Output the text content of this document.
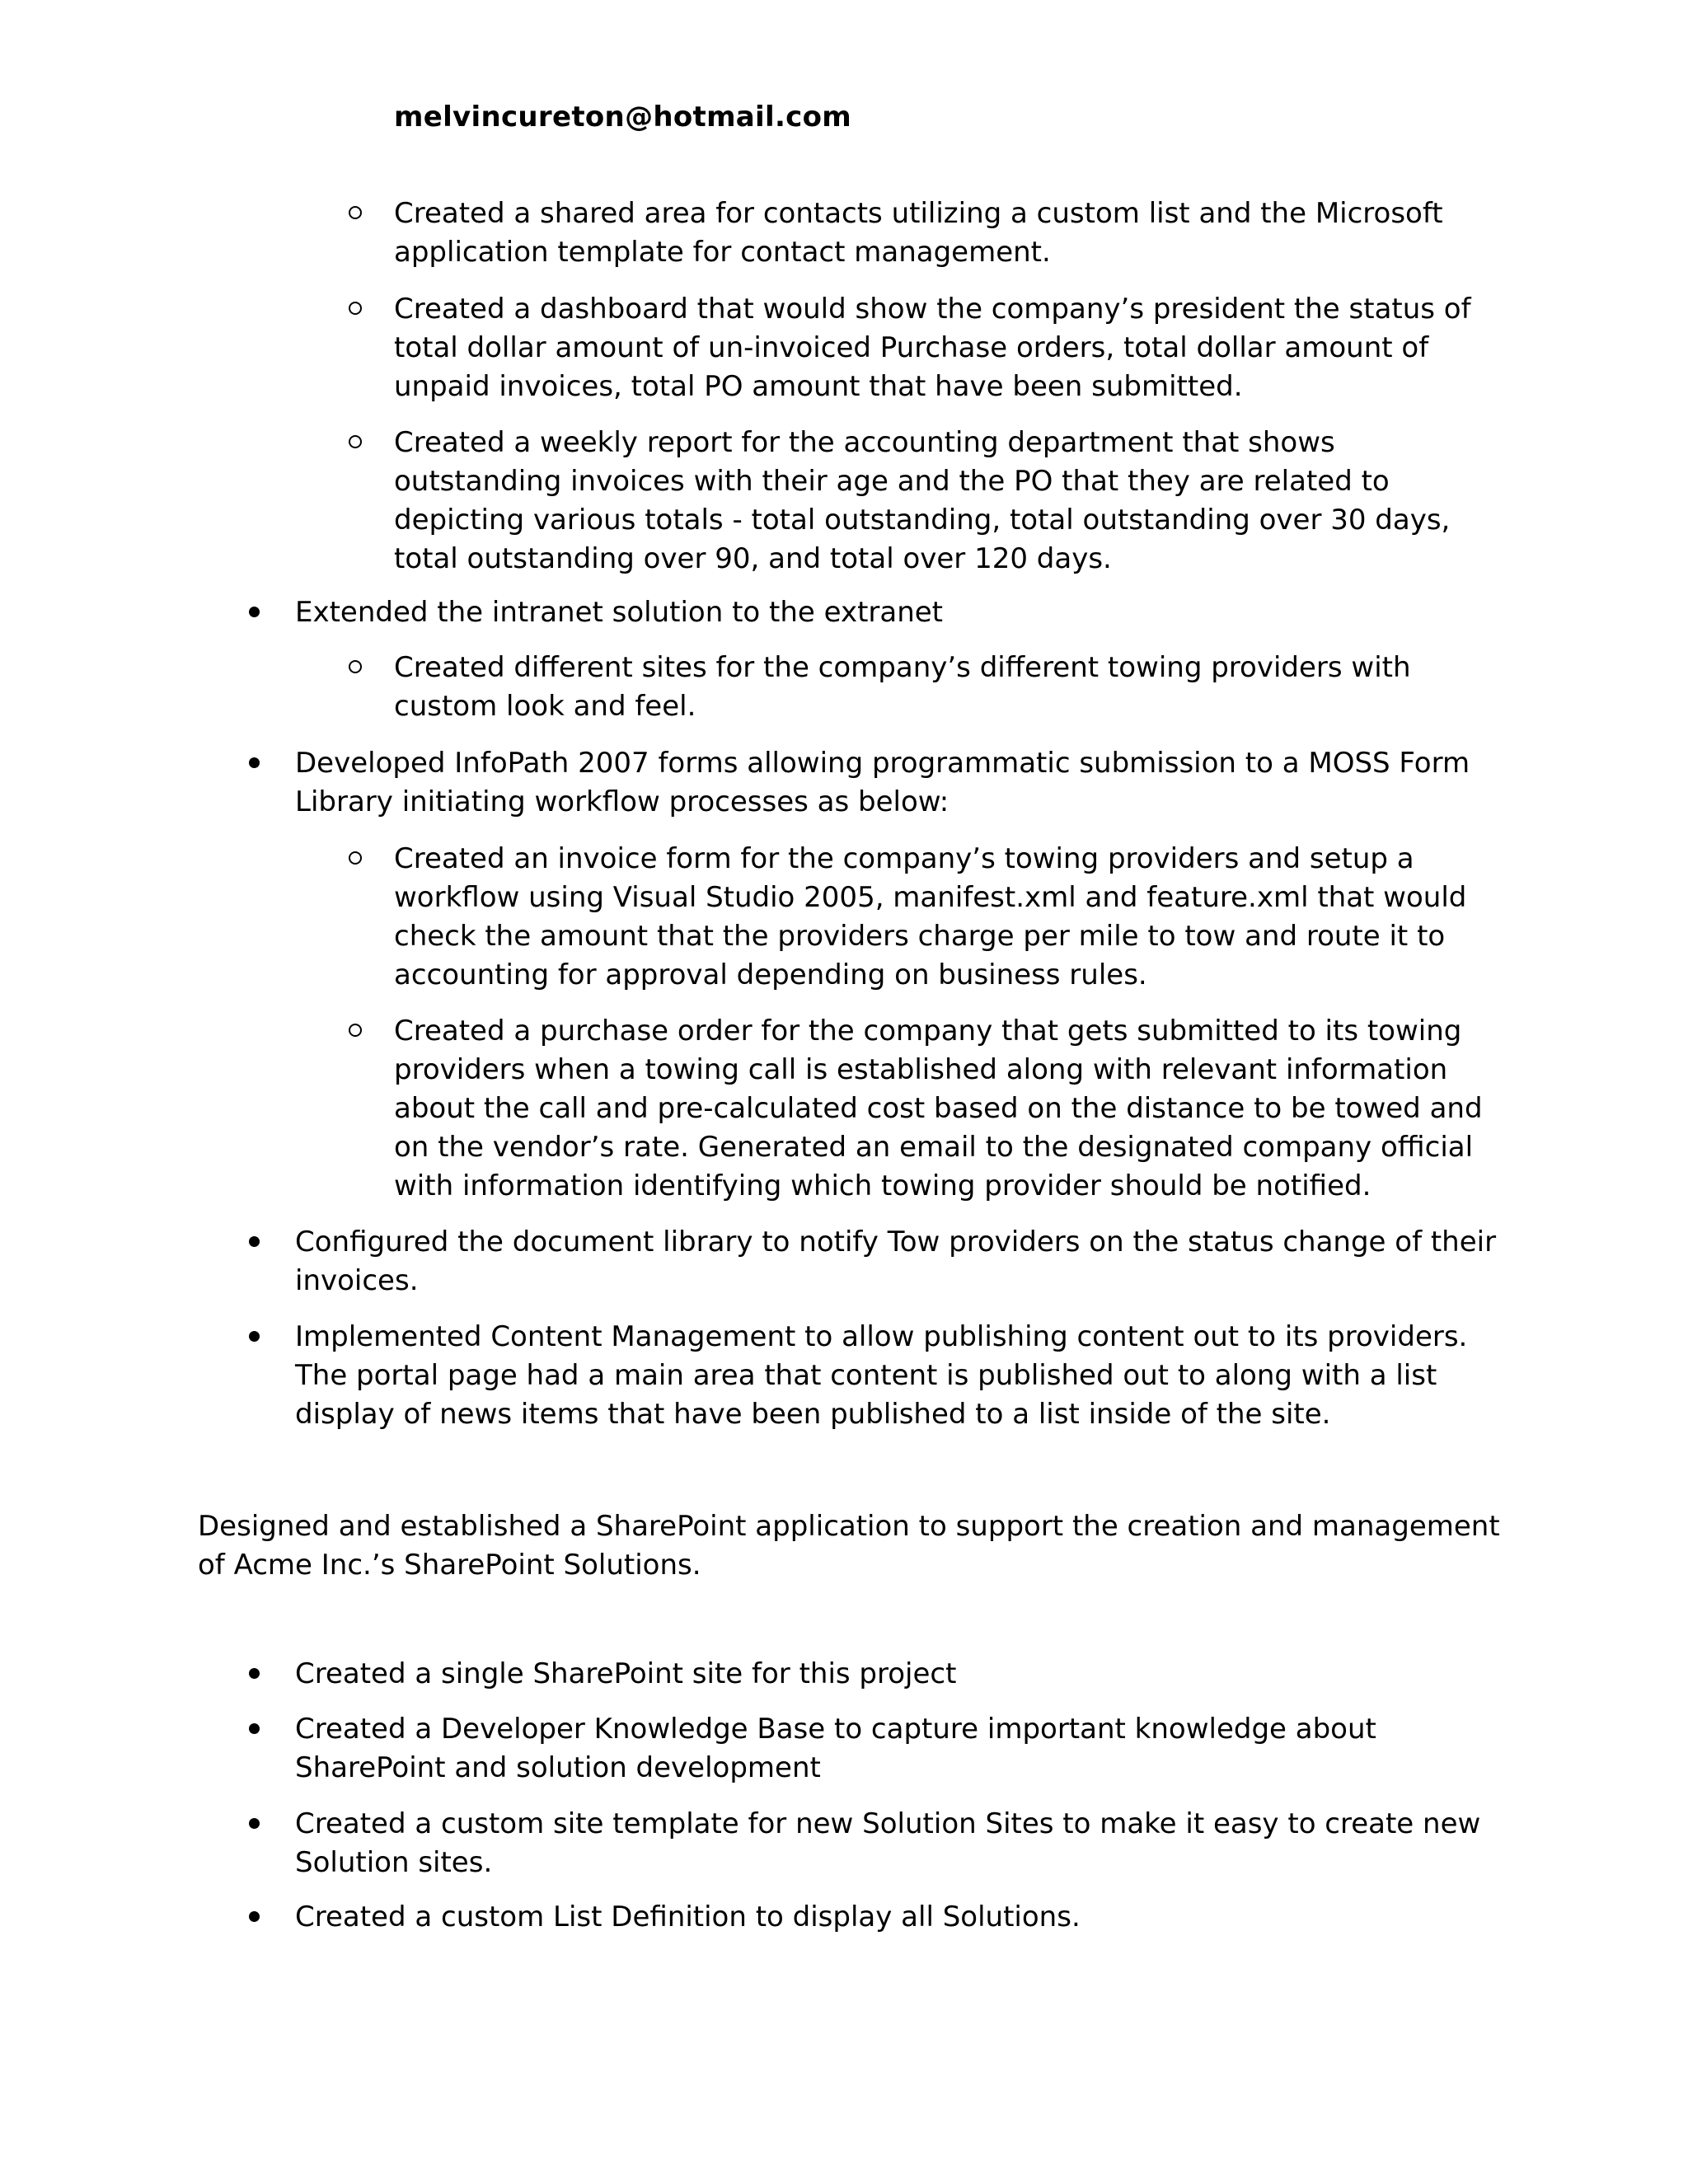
melvincureton@hotmail.com
Created a shared area for contacts utilizing a custom list and the Microsoft application template for contact management.
Created a dashboard that would show the company’s president the status of total dollar amount of un-invoiced Purchase orders, total dollar amount of unpaid invoices, total PO amount that have been submitted.
Created a weekly report for the accounting department that shows outstanding invoices with their age and the PO that they are related to depicting various totals - total outstanding, total outstanding over 30 days, total outstanding over 90, and total over 120 days.
Extended the intranet solution to the extranet
Created different sites for the company’s different towing providers with custom look and feel.
Developed InfoPath 2007 forms allowing programmatic submission to a MOSS Form Library initiating workflow processes as below:
Created an invoice form for the company’s towing providers and setup a workflow using Visual Studio 2005, manifest.xml and feature.xml that would check the amount that the providers charge per mile to tow and route it to accounting for approval depending on business rules.
Created a purchase order for the company that gets submitted to its towing providers when a towing call is established along with relevant information about the call and pre-calculated cost based on the distance to be towed and on the vendor’s rate. Generated an email to the designated company official with information identifying which towing provider should be notified.
Configured the document library to notify Tow providers on the status change of their invoices.
Implemented Content Management to allow publishing content out to its providers. The portal page had a main area that content is published out to along with a list display of news items that have been published to a list inside of the site.
Designed and established a SharePoint application to support the creation and management of Acme Inc.’s SharePoint Solutions.
Created a single SharePoint site for this project
Created a Developer Knowledge Base to capture important knowledge about SharePoint and solution development
Created a custom site template for new Solution Sites to make it easy to create new Solution sites.
Created a custom List Definition to display all Solutions.
